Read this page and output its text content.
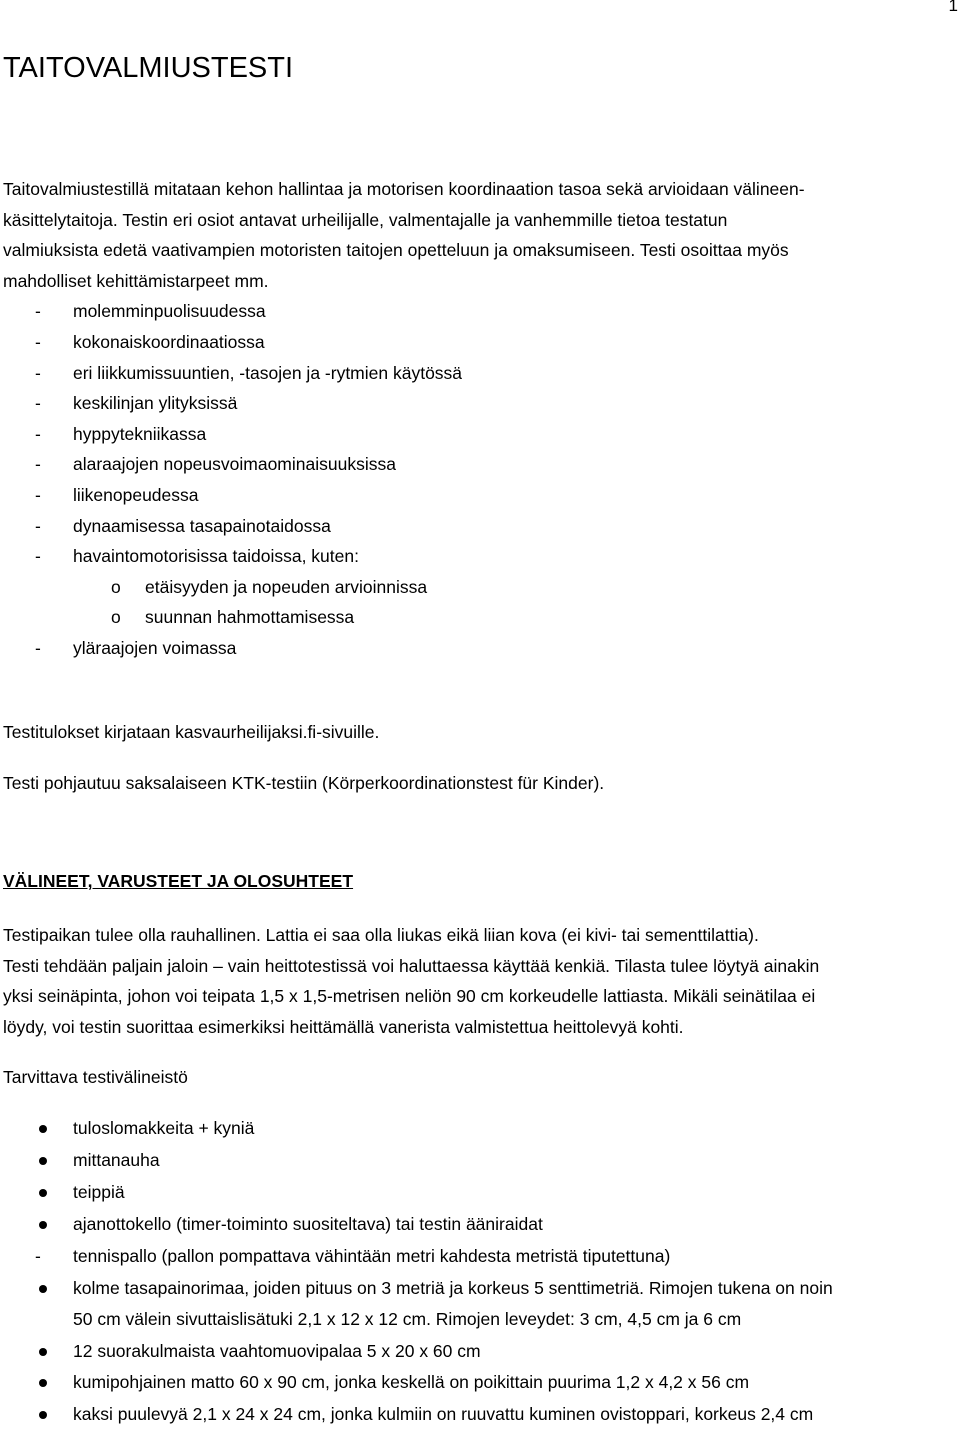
1
TAITOVALMIUSTESTI

Taitovalmiustestillä mitataan kehon hallintaa ja motorisen koordinaation tasoa sekä arvioidaan välineen-

käsittelytaitoja. Testin eri osiot antavat urheilijalle, valmentajalle ja vanhemmille tietoa testatun

valmiuksista edetä vaativampien motoristen taitojen opetteluun ja omaksumiseen. Testi osoittaa myös

mahdolliset kehittämistarpeet mm.

- molemminpuolisuudessa
- kokonaiskoordinaatiossa
- eri liikkumissuuntien, -tasojen ja -rytmien käytössä
- keskilinjan ylityksissä
- hyppytekniikassa
- alaraajojen nopeusvoimaominaisuuksissa
- liikenopeudessa
- dynaamisessa tasapainotaidossa
- havaintomotorisissa taidoissa, kuten:
o etäisyyden ja nopeuden arvioinnissa
o suunnan hahmottamisessa
- yläraajojen voimassa

Testitulokset kirjataan kasvaurheilijaksi.fi-sivuille.

Testi pohjautuu saksalaiseen KTK-testiin (Körperkoordinationstest für Kinder).

VÄLINEET, VARUSTEET JA OLOSUHTEET

Testipaikan tulee olla rauhallinen. Lattia ei saa olla liukas eikä liian kova (ei kivi- tai sementtilattia).

Testi tehdään paljain jaloin – vain heittotestissä voi haluttaessa käyttää kenkiä. Tilasta tulee löytyä ainakin

yksi seinäpinta, johon voi teipata 1,5 x 1,5-metrisen neliön 90 cm korkeudelle lattiasta. Mikäli seinätilaa ei

löydy, voi testin suorittaa esimerkiksi heittämällä vanerista valmistettua heittolevyä kohti.

Tarvittava testivälineistö

tuloslomakkeita + kyniä
mittanauha
teippiä
ajanottokello (timer-toiminto suositeltava) tai testin ääniraidat
- tennispallo (pallon pompattava vähintään metri kahdesta metristä tiputettuna)
kolme tasapainorimaa, joiden pituus on 3 metriä ja korkeus 5 senttimetriä. Rimojen tukena on noin
50 cm välein sivuttaislisätuki 2,1 x 12 x 12 cm. Rimojen leveydet: 3 cm, 4,5 cm ja 6 cm
12 suorakulmaista vaahtomuovipalaa 5 x 20 x 60 cm
kumipohjainen matto 60 x 90 cm, jonka keskellä on poikittain puurima 1,2 x 4,2 x 56 cm
kaksi puulevyä 2,1 x 24 x 24 cm, jonka kulmiin on ruuvattu kuminen ovistoppari, korkeus 2,4 cm
